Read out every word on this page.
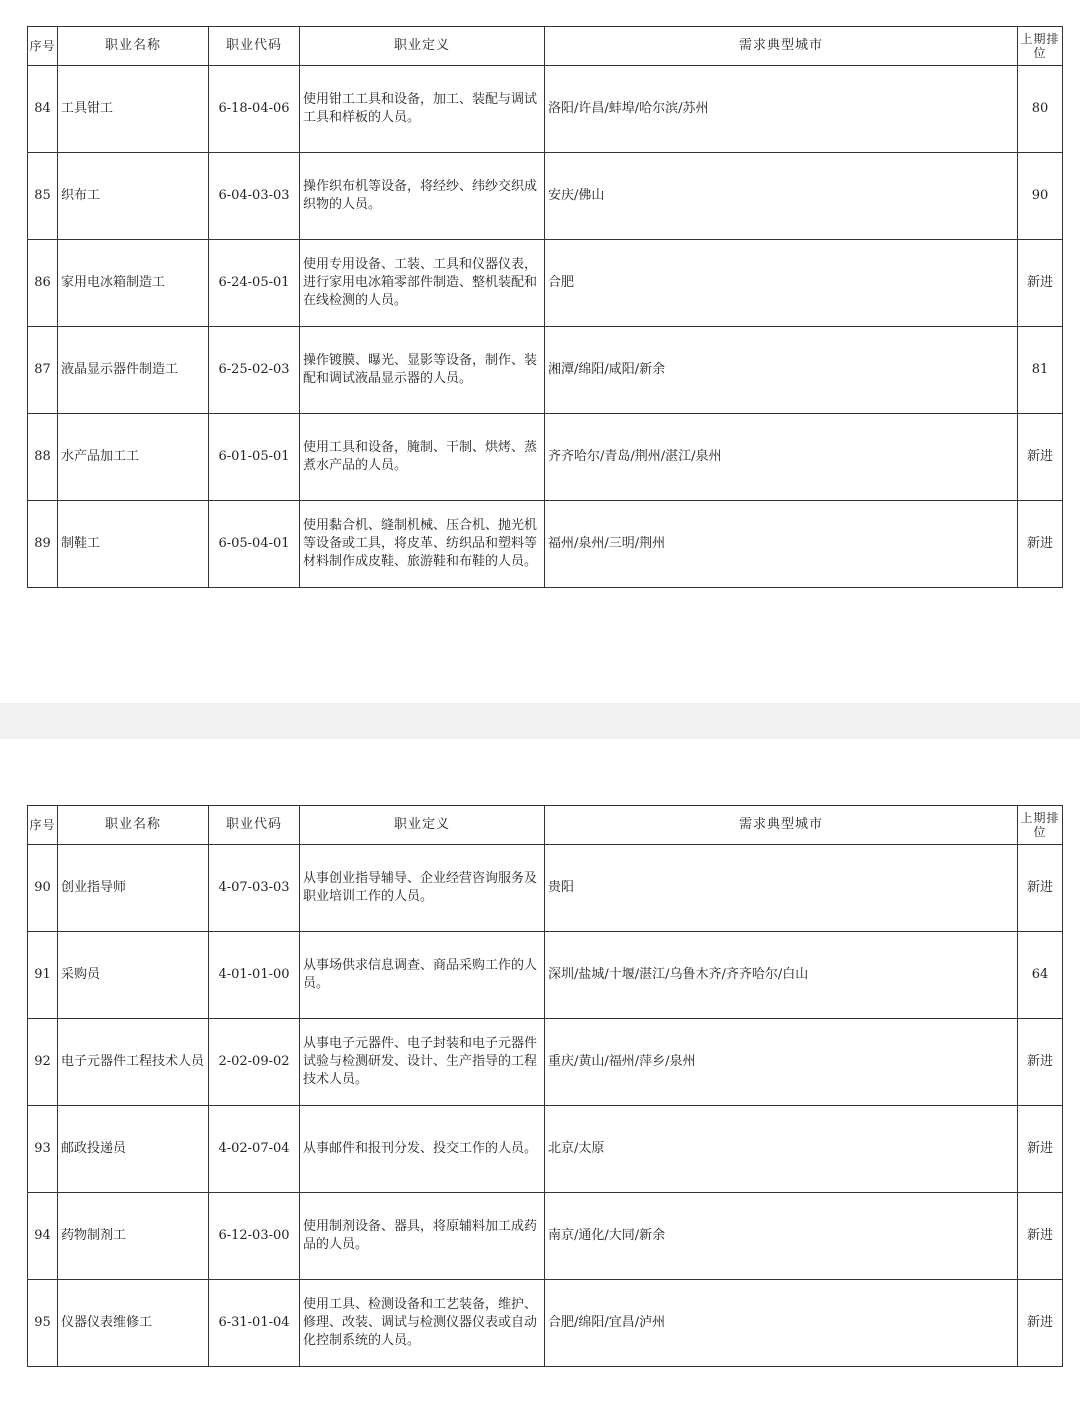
序号	职业名称	职业代码	职业定义	需求典型城市	上期排位
84	工具钳工	6-18-04-06	使用钳工工具和设备，加工、装配与调试工具和样板的人员。	洛阳/许昌/蚌埠/哈尔滨/苏州	80
85	织布工	6-04-03-03	操作织布机等设备，将经纱、纬纱交织成织物的人员。	安庆/佛山	90
86	家用电冰箱制造工	6-24-05-01	使用专用设备、工装、工具和仪器仪表，进行家用电冰箱零部件制造、整机装配和在线检测的人员。	合肥	新进
87	液晶显示器件制造工	6-25-02-03	操作镀膜、曝光、显影等设备，制作、装配和调试液晶显示器的人员。	湘潭/绵阳/咸阳/新余	81
88	水产品加工工	6-01-05-01	使用工具和设备，腌制、干制、烘烤、蒸煮水产品的人员。	齐齐哈尔/青岛/荆州/湛江/泉州	新进
89	制鞋工	6-05-04-01	使用黏合机、缝制机械、压合机、抛光机等设备或工具，将皮革、纺织品和塑料等材料制作成皮鞋、旅游鞋和布鞋的人员。	福州/泉州/三明/荆州	新进
序号	职业名称	职业代码	职业定义	需求典型城市	上期排位
90	创业指导师	4-07-03-03	从事创业指导辅导、企业经营咨询服务及职业培训工作的人员。	贵阳	新进
91	采购员	4-01-01-00	从事场供求信息调查、商品采购工作的人员。	深圳/盐城/十堰/湛江/乌鲁木齐/齐齐哈尔/白山	64
92	电子元器件工程技术人员	2-02-09-02	从事电子元器件、电子封装和电子元器件试验与检测研发、设计、生产指导的工程技术人员。	重庆/黄山/福州/萍乡/泉州	新进
93	邮政投递员	4-02-07-04	从事邮件和报刊分发、投交工作的人员。	北京/太原	新进
94	药物制剂工	6-12-03-00	使用制剂设备、器具，将原辅料加工成药品的人员。	南京/通化/大同/新余	新进
95	仪器仪表维修工	6-31-01-04	使用工具、检测设备和工艺装备，维护、修理、改装、调试与检测仪器仪表或自动化控制系统的人员。	合肥/绵阳/宜昌/泸州	新进
